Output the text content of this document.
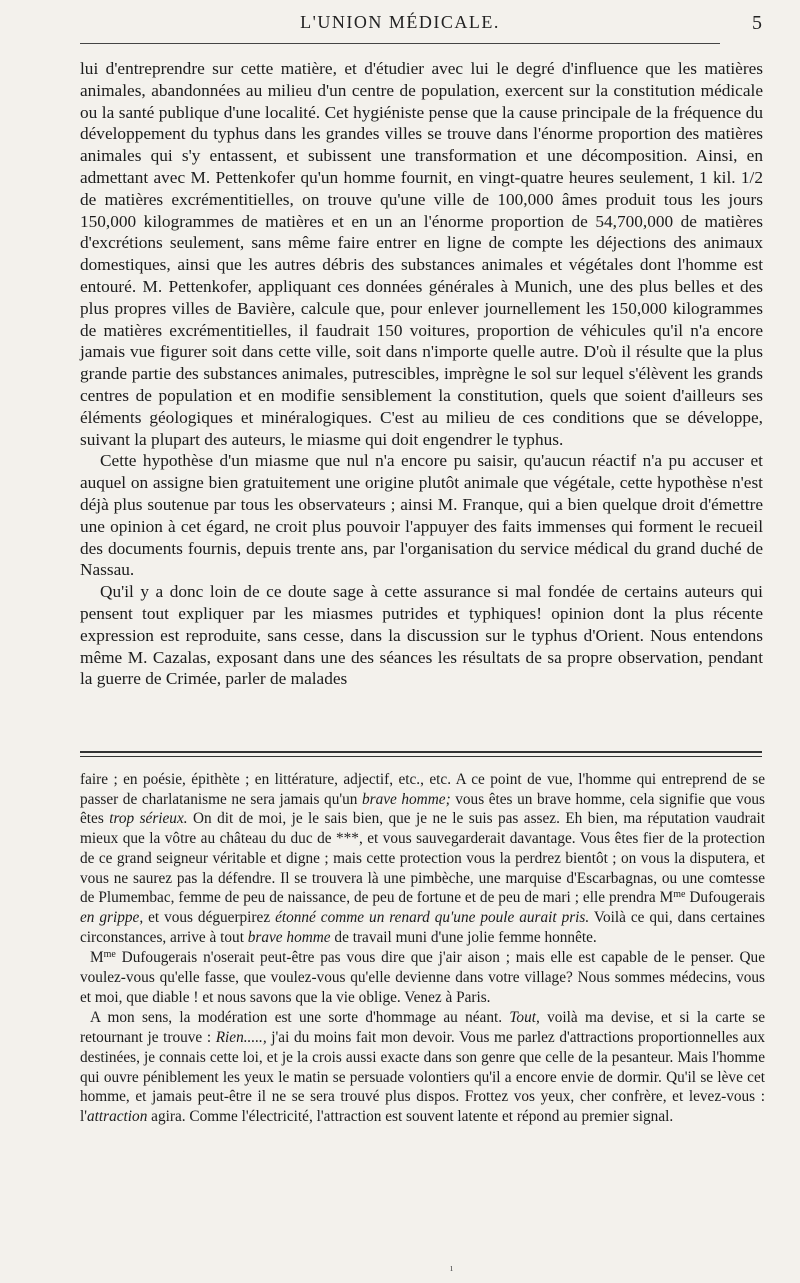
L'UNION MÉDICALE.	5

lui d'entreprendre sur cette matière, et d'étudier avec lui le degré d'influence que les matières animales, abandonnées au milieu d'un centre de population, exercent sur la constitution médicale ou la santé publique d'une localité. Cet hygiéniste pense que la cause principale de la fréquence du développement du typhus dans les grandes villes se trouve dans l'énorme proportion des matières animales qui s'y entassent, et subissent une transformation et une décomposition. Ainsi, en admettant avec M. Pettenkofer qu'un homme fournit, en vingt-quatre heures seulement, 1 kil. 1/2 de matières excrémentitielles, on trouve qu'une ville de 100,000 âmes produit tous les jours 150,000 kilogrammes de matières et en un an l'énorme proportion de 54,700,000 de matières d'excrétions seulement, sans même faire entrer en ligne de compte les déjections des animaux domestiques, ainsi que les autres débris des substances animales et végétales dont l'homme est entouré. M. Pettenkofer, appliquant ces données générales à Munich, une des plus belles et des plus propres villes de Bavière, calcule que, pour enlever journellement les 150,000 kilogrammes de matières excrémentitielles, il faudrait 150 voitures, proportion de véhicules qu'il n'a encore jamais vue figurer soit dans cette ville, soit dans n'importe quelle autre. D'où il résulte que la plus grande partie des substances animales, putrescibles, imprègne le sol sur lequel s'élèvent les grands centres de population et en modifie sensiblement la constitution, quels que soient d'ailleurs ses éléments géologiques et minéralogiques. C'est au milieu de ces conditions que se développe, suivant la plupart des auteurs, le miasme qui doit engendrer le typhus.

Cette hypothèse d'un miasme que nul n'a encore pu saisir, qu'aucun réactif n'a pu accuser et auquel on assigne bien gratuitement une origine plutôt animale que végétale, cette hypothèse n'est déjà plus soutenue par tous les observateurs ; ainsi M. Franque, qui a bien quelque droit d'émettre une opinion à cet égard, ne croit plus pouvoir l'appuyer des faits immenses qui forment le recueil des documents fournis, depuis trente ans, par l'organisation du service médical du grand duché de Nassau.

Qu'il y a donc loin de ce doute sage à cette assurance si mal fondée de certains auteurs qui pensent tout expliquer par les miasmes putrides et typhiques! opinion dont la plus récente expression est reproduite, sans cesse, dans la discussion sur le typhus d'Orient. Nous entendons même M. Cazalas, exposant dans une des séances les résultats de sa propre observation, pendant la guerre de Crimée, parler de malades

faire ; en poésie, épithète ; en littérature, adjectif, etc., etc. A ce point de vue, l'homme qui entreprend de se passer de charlatanisme ne sera jamais qu'un brave homme; vous êtes un brave homme, cela signifie que vous êtes trop sérieux. On dit de moi, je le sais bien, que je ne le suis pas assez. Eh bien, ma réputation vaudrait mieux que la vôtre au château du duc de ***, et vous sauvegarderait davantage. Vous êtes fier de la protection de ce grand seigneur véritable et digne ; mais cette protection vous la perdrez bientôt ; on vous la disputera, et vous ne saurez pas la défendre. Il se trouvera là une pimbèche, une marquise d'Escarbagnas, ou une comtesse de Plumembac, femme de peu de naissance, de peu de fortune et de peu de mari ; elle prendra $M^{me}$ Dufougerais en grippe, et vous déguerpirez étonné comme un renard qu'une poule aurait pris. Voilà ce qui, dans certaines circonstances, arrive à tout brave homme de travail muni d'une jolie femme honnête.

$M^{me}$ Dufougerais n'oserait peut-être pas vous dire que j'air aison ; mais elle est capable de le penser. Que voulez-vous qu'elle fasse, que voulez-vous qu'elle devienne dans votre village? Nous sommes médecins, vous et moi, que diable ! et nous savons que la vie oblige. Venez à Paris.

A mon sens, la modération est une sorte d'hommage au néant. Tout, voilà ma devise, et si la carte se retournant je trouve : Rien....., j'ai du moins fait mon devoir. Vous me parlez d'attractions proportionnelles aux destinées, je connais cette loi, et je la crois aussi exacte dans son genre que celle de la pesanteur. Mais l'homme qui ouvre péniblement les yeux le matin se persuade volontiers qu'il a encore envie de dormir. Qu'il se lève cet homme, et jamais peut-être il ne se sera trouvé plus dispos. Frottez vos yeux, cher confrère, et levez-vous : l'attraction agira. Comme l'électricité, l'attraction est souvent latente et répond au premier signal.

ı
